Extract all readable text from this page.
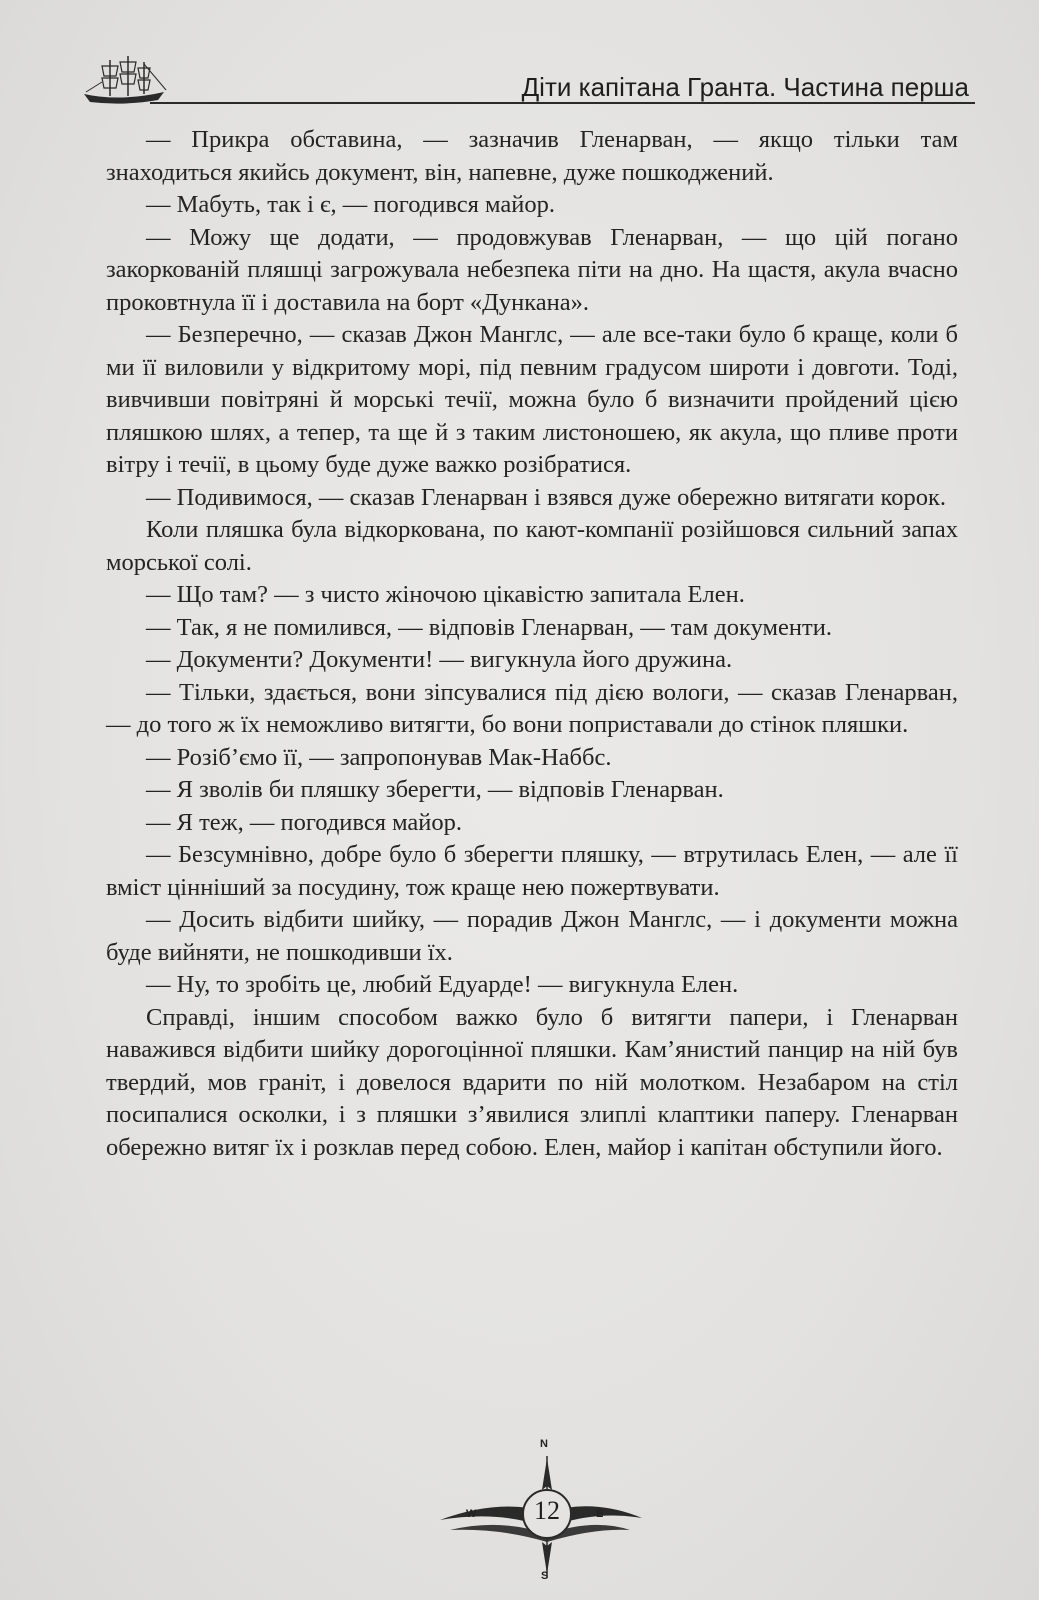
Діти капітана Гранта. Частина перша

— Прикра обставина, — зазначив Гленарван, — якщо тільки там знаходиться якийсь документ, він, напевне, дуже пошкоджений.

— Мабуть, так і є, — погодився майор.

— Можу ще додати, — продовжував Гленарван, — що цій погано закоркованій пляшці загрожувала небезпека піти на дно. На щастя, акула вчасно проковтнула її і доставила на борт «Дункана».

— Безперечно, — сказав Джон Манглс, — але все-таки було б краще, коли б ми її виловили у відкритому морі, під певним градусом широти і довготи. Тоді, вивчивши повітряні й морські течії, можна було б визначити пройдений цією пляшкою шлях, а тепер, та ще й з таким листоношею, як акула, що пливе проти вітру і течії, в цьому буде дуже важко розібратися.

— Подивимося, — сказав Гленарван і взявся дуже обережно витягати корок.

Коли пляшка була відкоркована, по кают-компанії розійшовся сильний запах морської солі.

— Що там? — з чисто жіночою цікавістю запитала Елен.

— Так, я не помилився, — відповів Гленарван, — там документи.

— Документи? Документи! — вигукнула його дружина.

— Тільки, здається, вони зіпсувалися під дією вологи, — сказав Гленарван, — до того ж їх неможливо витягти, бо вони поприставали до стінок пляшки.

— Розіб’ємо її, — запропонував Мак-Наббс.

— Я зволів би пляшку зберегти, — відповів Гленарван.

— Я теж, — погодився майор.

— Безсумнівно, добре було б зберегти пляшку, — втрутилась Елен, — але її вміст цінніший за посудину, тож краще нею пожертвувати.

— Досить відбити шийку, — порадив Джон Манглс, — і документи можна буде вийняти, не пошкодивши їх.

— Ну, то зробіть це, любий Едуарде! — вигукнула Елен.

Справді, іншим способом важко було б витягти папери, і Гленарван наважився відбити шийку дорогоцінної пляшки. Кам’янистий панцир на ній був твердий, мов граніт, і довелося вдарити по ній молотком. Незабаром на стіл посипалися осколки, і з пляшки з’явилися злиплі клаптики паперу. Гленарван обережно витяг їх і розклав перед собою. Елен, майор і капітан обступили його.

12
N
S
W	E
